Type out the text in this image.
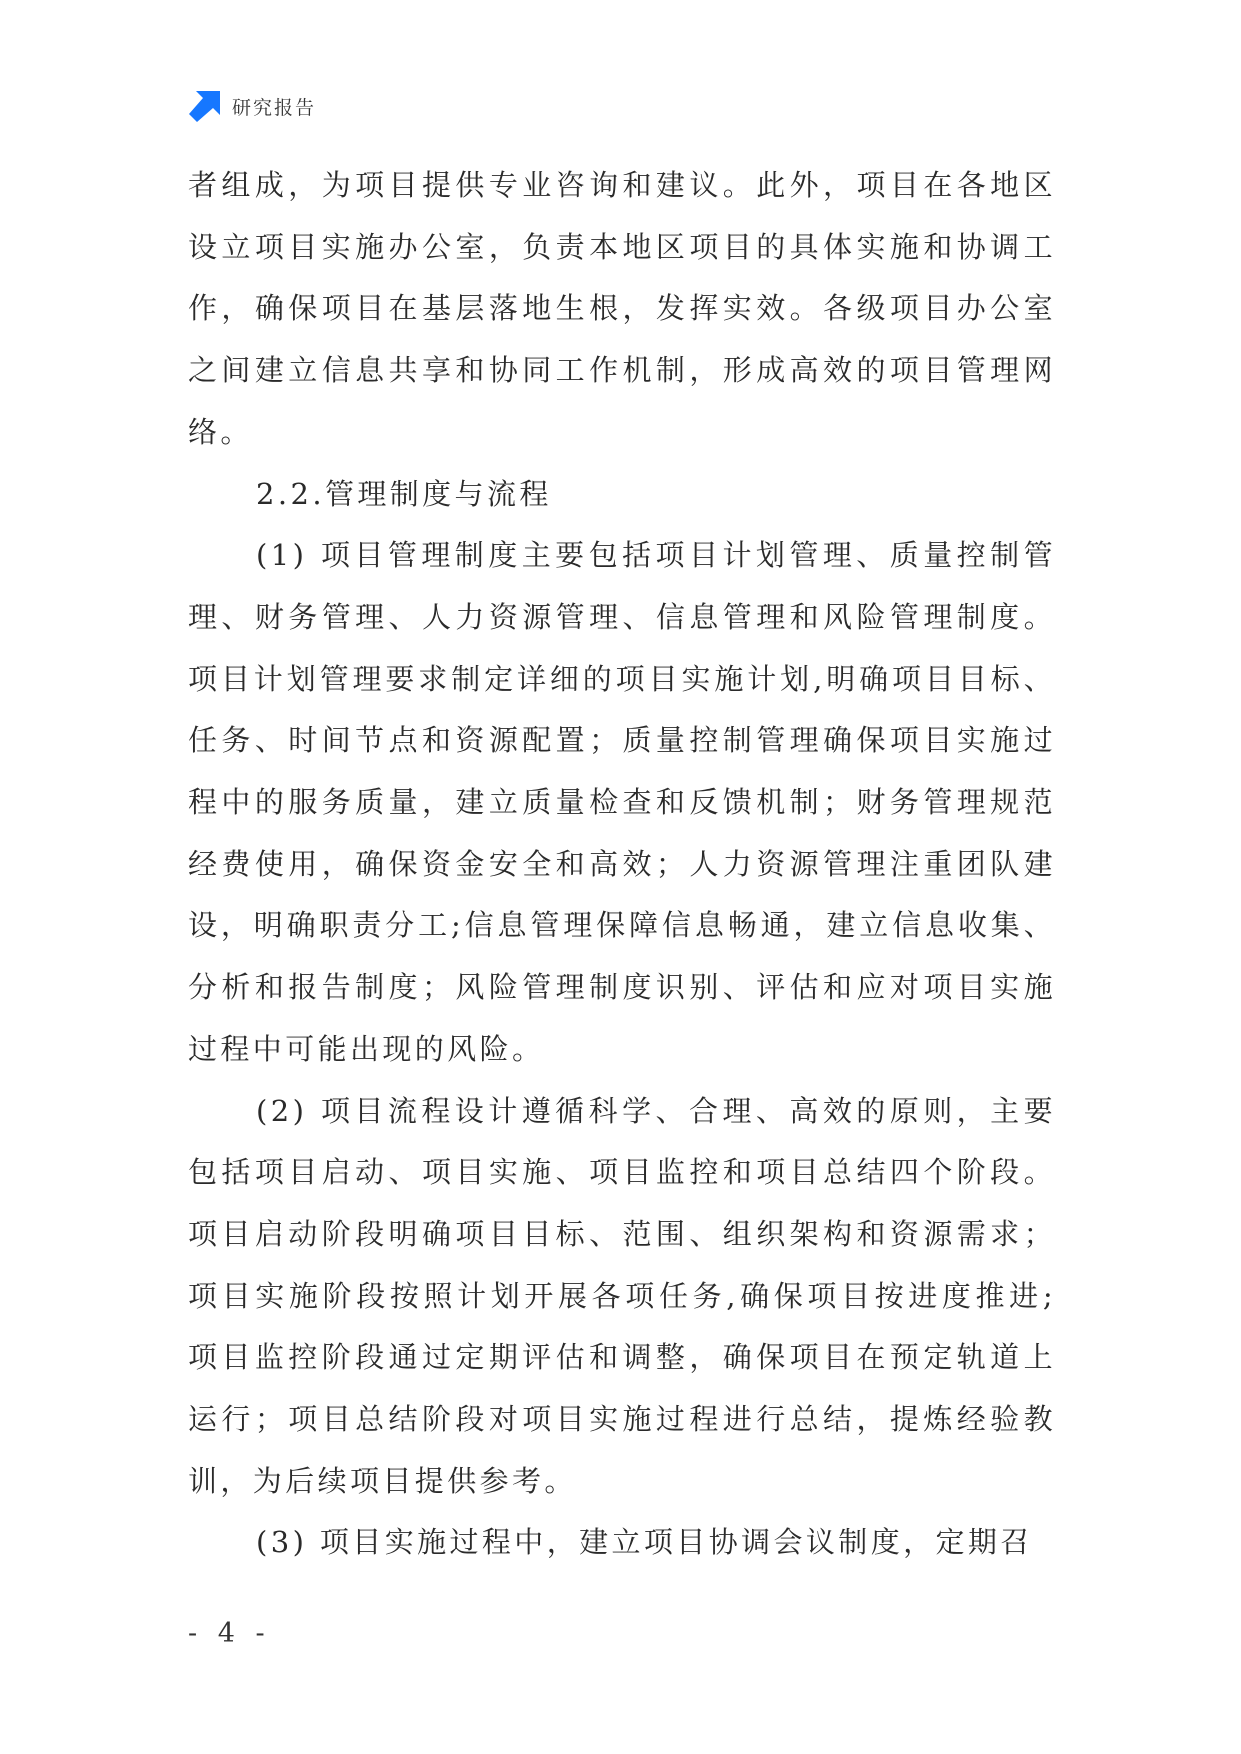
研究报告

者组成，为项目提供专业咨询和建议。此外，项目在各地区设立项目实施办公室，负责本地区项目的具体实施和协调工作，确保项目在基层落地生根，发挥实效。各级项目办公室之间建立信息共享和协同工作机制，形成高效的项目管理网络。

2.2.管理制度与流程

(1) 项目管理制度主要包括项目计划管理、质量控制管理、财务管理、人力资源管理、信息管理和风险管理制度。项目计划管理要求制定详细的项目实施计划,明确项目目标、任务、时间节点和资源配置；质量控制管理确保项目实施过程中的服务质量，建立质量检查和反馈机制；财务管理规范经费使用，确保资金安全和高效；人力资源管理注重团队建设，明确职责分工;信息管理保障信息畅通，建立信息收集、分析和报告制度；风险管理制度识别、评估和应对项目实施过程中可能出现的风险。

(2) 项目流程设计遵循科学、合理、高效的原则，主要包括项目启动、项目实施、项目监控和项目总结四个阶段。项目启动阶段明确项目目标、范围、组织架构和资源需求；项目实施阶段按照计划开展各项任务,确保项目按进度推进;项目监控阶段通过定期评估和调整，确保项目在预定轨道上运行；项目总结阶段对项目实施过程进行总结，提炼经验教训，为后续项目提供参考。

(3) 项目实施过程中，建立项目协调会议制度，定期召

- 4 -
